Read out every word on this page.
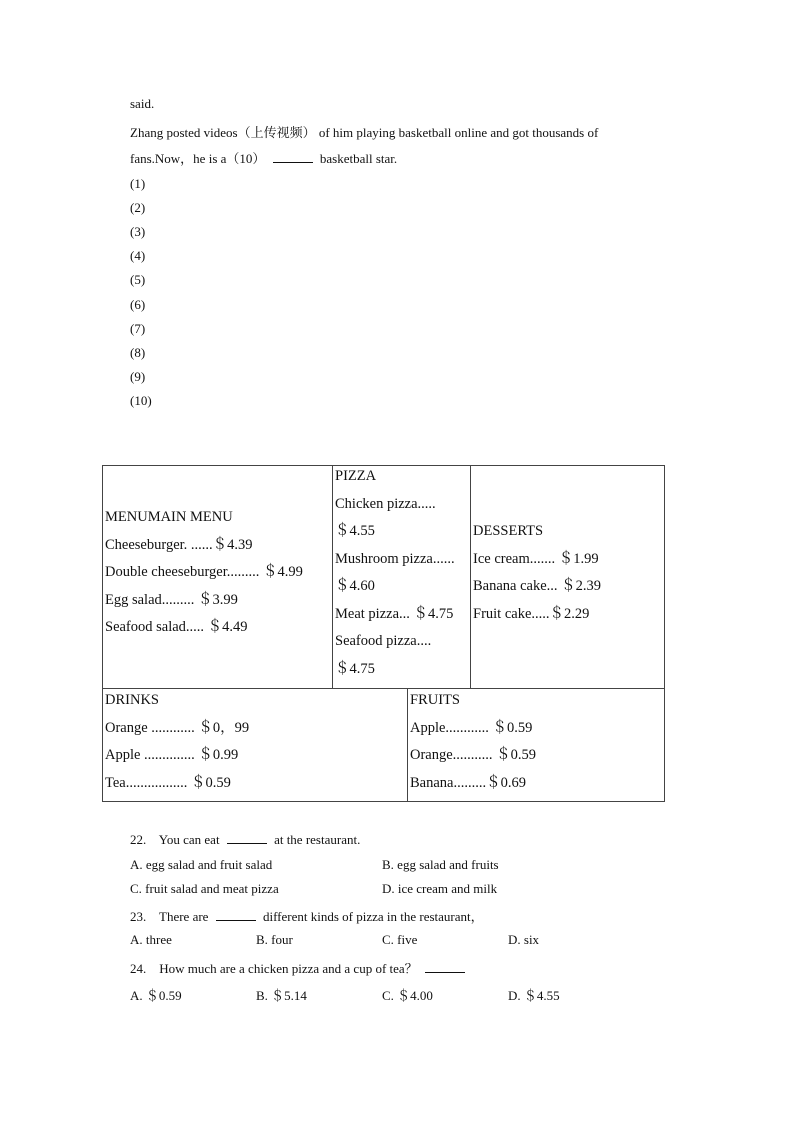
said.
Zhang posted videos（上传视频） of him playing basketball online and got thousands of
fans.Now，he is a（10）	basketball star.
(1)
(2)
(3)
(4)
(5)
(6)
(7)
(8)
(9)
(10)
MENUMAIN MENU
Cheeseburger. ......＄4.39
Double cheeseburger......... ＄4.99
Egg salad......... ＄3.99
Seafood salad..... ＄4.49
PIZZA
Chicken pizza.....
＄4.55
Mushroom pizza......
＄4.60
Meat pizza... ＄4.75
Seafood pizza....
＄4.75
DESSERTS
Ice cream....... ＄1.99
Banana cake... ＄2.39
Fruit cake.....＄2.29
DRINKS
Orange ............ ＄0，99
Apple .............. ＄0.99
Tea................. ＄0.59
FRUITS
Apple............ ＄0.59
Orange........... ＄0.59
Banana.........＄0.69
22. You can eat	at the restaurant.
A. egg salad and fruit salad	B. egg salad and fruits
C. fruit salad and meat pizza	D. ice cream and milk
23. There are	different kinds of pizza in the restaurant，
A. three	B. four	C. five	D. six
24. How much are a chicken pizza and a cup of tea？
A. ＄0.59	B. ＄5.14	C. ＄4.00	D. ＄4.55
